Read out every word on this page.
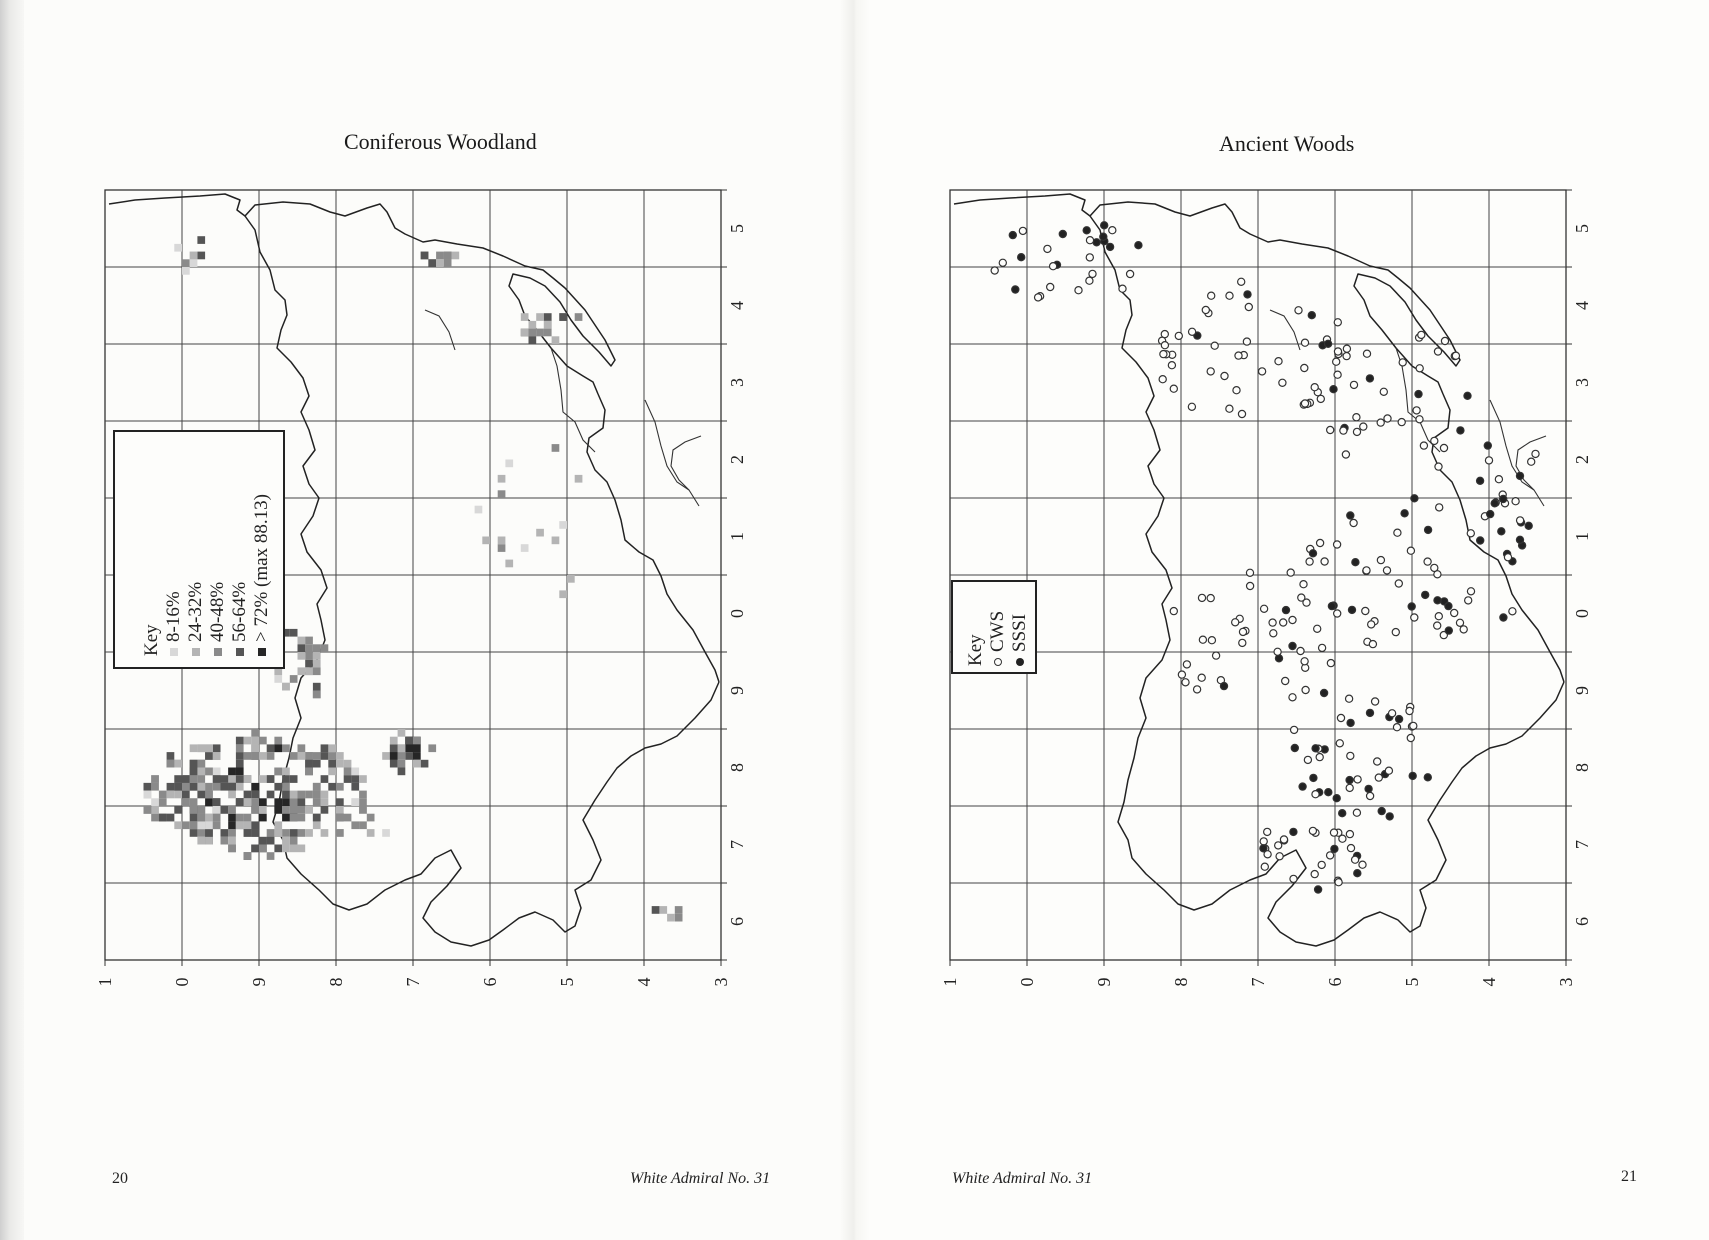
Coniferous Woodland
1	0	9	8	7	6	5	4	3
5
4
3
2
1
0
9
8
7
6
Key 8-16% 24-32% 40-48% 56-64% > 72% (max 88.13)
20	White Admiral No. 31
Ancient Woods
1	0	9	8	7	6	5	4	3
5
4
3
2
1
0
9
8
7
6
Key CWS SSSI
White Admiral No. 31	21
